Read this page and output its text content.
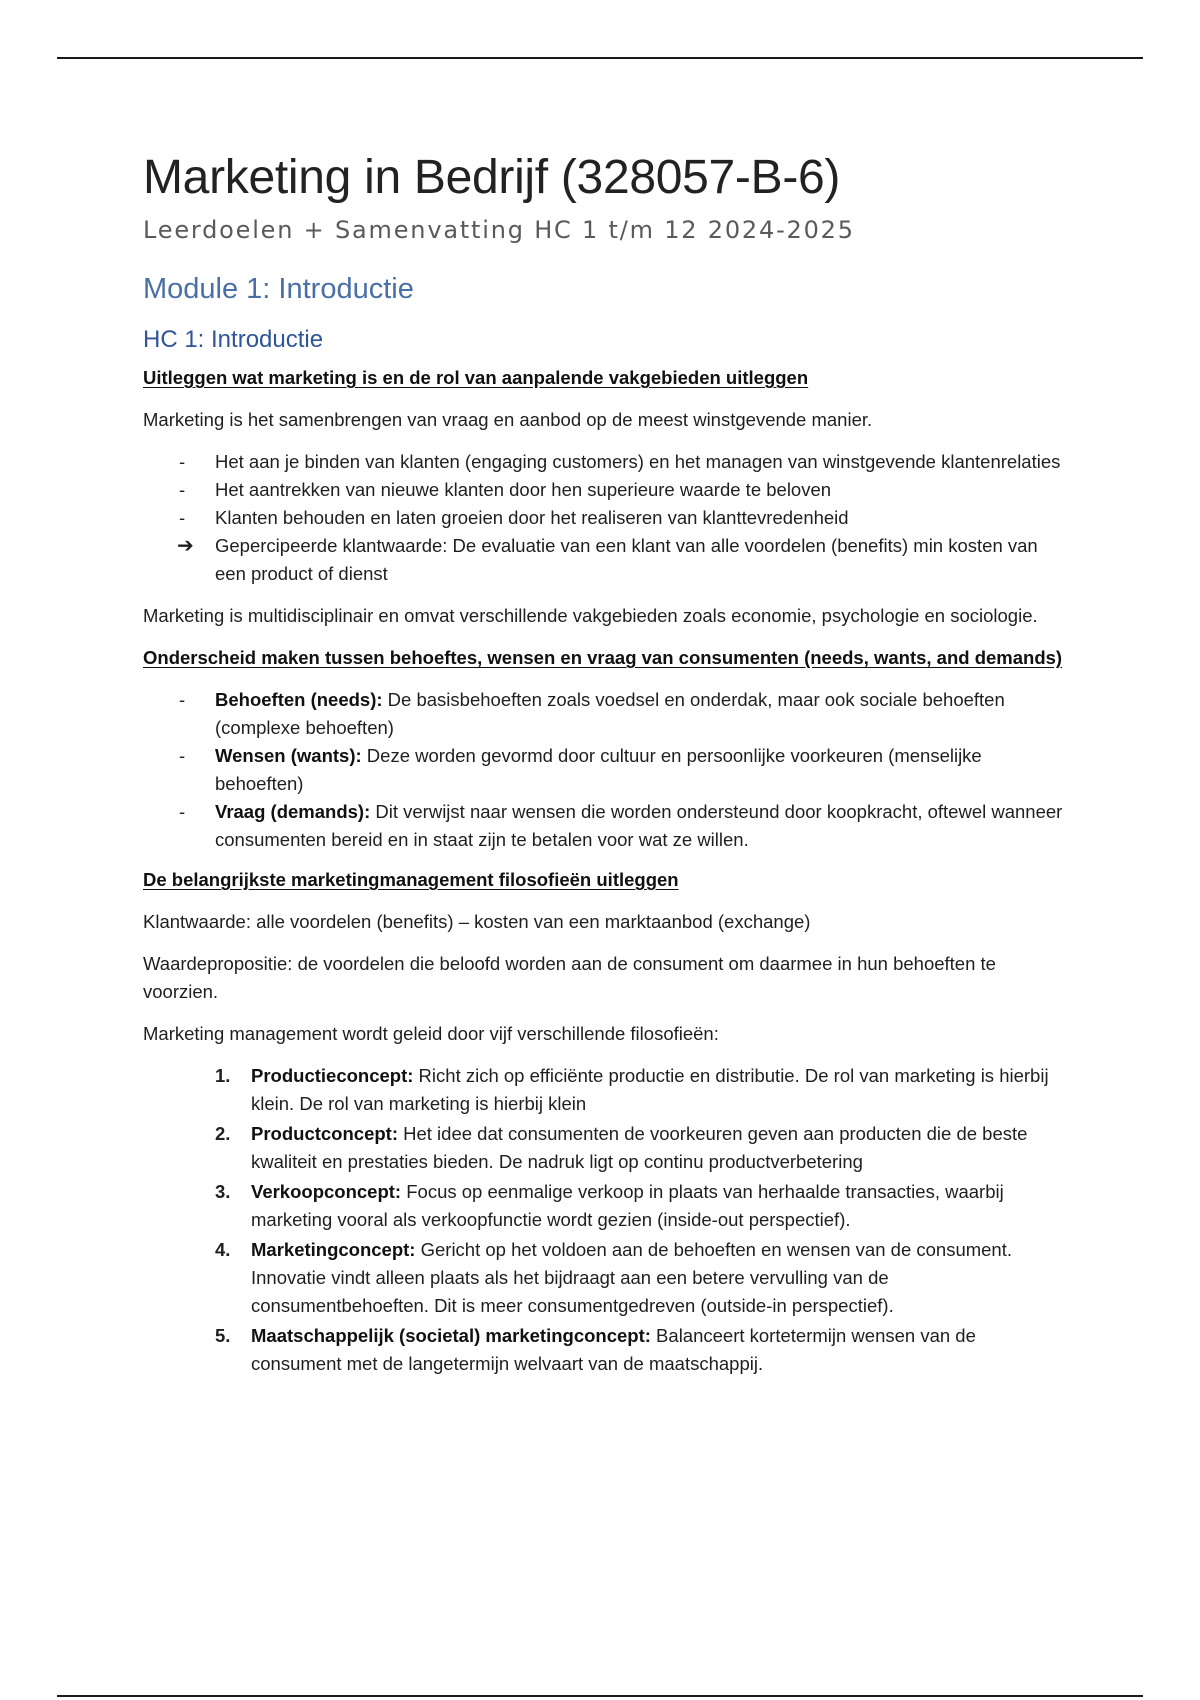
Marketing in Bedrijf (328057-B-6)
Leerdoelen + Samenvatting HC 1 t/m 12 2024-2025
Module 1: Introductie
HC 1: Introductie
Uitleggen wat marketing is en de rol van aanpalende vakgebieden uitleggen

Marketing is het samenbrengen van vraag en aanbod op de meest winstgevende manier.

-	Het aan je binden van klanten (engaging customers) en het managen van winstgevende klantenrelaties
-	Het aantrekken van nieuwe klanten door hen superieure waarde te beloven
-	Klanten behouden en laten groeien door het realiseren van klanttevredenheid
➔ Gepercipeerde klantwaarde: De evaluatie van een klant van alle voordelen (benefits) min kosten van een product of dienst

Marketing is multidisciplinair en omvat verschillende vakgebieden zoals economie, psychologie en sociologie.

Onderscheid maken tussen behoeftes, wensen en vraag van consumenten (needs, wants, and demands)
-	Behoeften (needs): De basisbehoeften zoals voedsel en onderdak, maar ook sociale behoeften (complexe behoeften)
-	Wensen (wants): Deze worden gevormd door cultuur en persoonlijke voorkeuren (menselijke behoeften)
-	Vraag (demands): Dit verwijst naar wensen die worden ondersteund door koopkracht, oftewel wanneer consumenten bereid en in staat zijn te betalen voor wat ze willen.
De belangrijkste marketingmanagement filosofieën uitleggen

Klantwaarde: alle voordelen (benefits) – kosten van een marktaanbod (exchange)

Waardepropositie: de voordelen die beloofd worden aan de consument om daarmee in hun behoeften te voorzien.

Marketing management wordt geleid door vijf verschillende filosofieën:

1. Productieconcept: Richt zich op efficiënte productie en distributie. De rol van marketing is hierbij klein. De rol van marketing is hierbij klein
2. Productconcept: Het idee dat consumenten de voorkeuren geven aan producten die de beste kwaliteit en prestaties bieden. De nadruk ligt op continu productverbetering
3. Verkoopconcept: Focus op eenmalige verkoop in plaats van herhaalde transacties, waarbij marketing vooral als verkoopfunctie wordt gezien (inside-out perspectief).
4. Marketingconcept: Gericht op het voldoen aan de behoeften en wensen van de consument. Innovatie vindt alleen plaats als het bijdraagt aan een betere vervulling van de consumentbehoeften. Dit is meer consumentgedreven (outside-in perspectief).
5. Maatschappelijk (societal) marketingconcept: Balanceert kortetermijn wensen van de consument met de langetermijn welvaart van de maatschappij.
